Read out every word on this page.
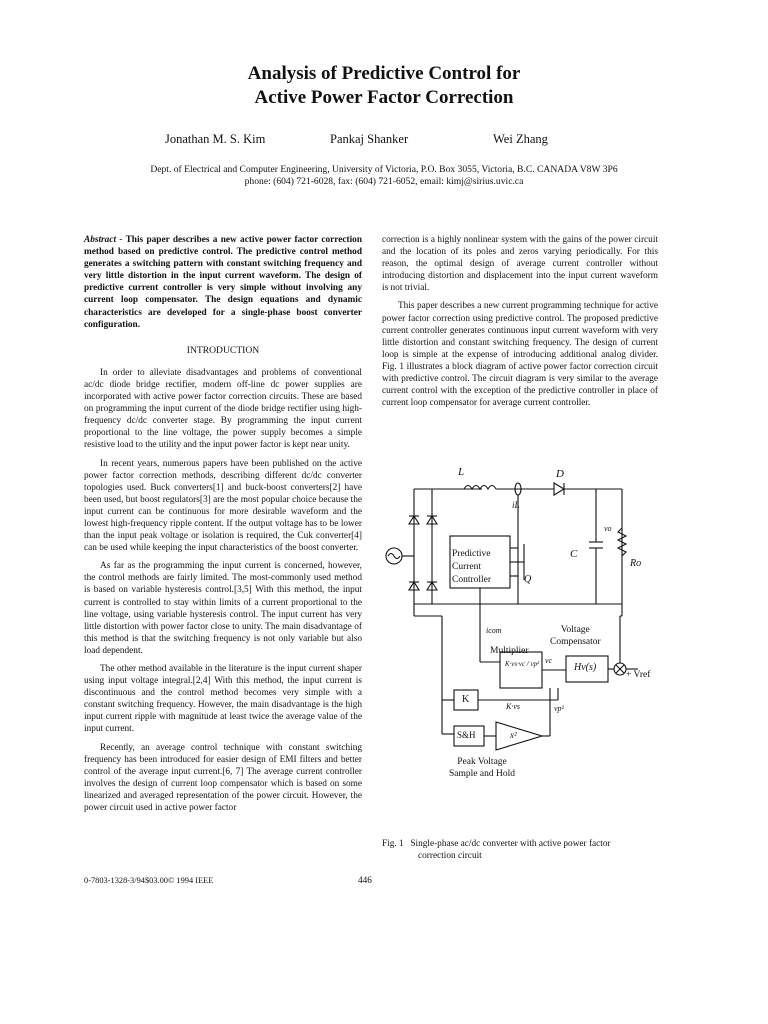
Analysis of Predictive Control for
Active Power Factor Correction
Jonathan M. S. Kim	Pankaj Shanker	Wei Zhang
Dept. of Electrical and Computer Engineering, University of Victoria, P.O. Box 3055, Victoria, B.C. CANADA V8W 3P6
phone: (604) 721-6028, fax: (604) 721-6052, email: kimj@sirius.uvic.ca

Abstract - This paper describes a new active power factor correction method based on predictive control. The predictive control method generates a switching pattern with constant switching frequency and very little distortion in the input current waveform. The design of predictive current controller is very simple without involving any current loop compensator. The design equations and dynamic characteristics are developed for a single-phase boost converter configuration.

INTRODUCTION

In order to alleviate disadvantages and problems of conventional ac/dc diode bridge rectifier, modern off-line dc power supplies are incorporated with active power factor correction circuits. These are based on programming the input current of the diode bridge rectifier using high-frequency dc/dc converter stage. By programming the input current proportional to the line voltage, the power supply becomes a simple resistive load to the utility and the input power factor is kept near unity.

In recent years, numerous papers have been published on the active power factor correction methods, describing different dc/dc converter topologies used. Buck converters[1] and buck-boost converters[2] have been used, but boost regulators[3] are the most popular choice because the input current can be continuous for more desirable waveform and the lowest high-frequency ripple content. If the output voltage has to be lower than the input peak voltage or isolation is required, the Cuk converter[4] can be used while keeping the input characteristics of the boost converter.

As far as the programming the input current is concerned, however, the control methods are fairly limited. The most-commonly used method is based on variable hysteresis control.[3,5] With this method, the input current is controlled to stay within limits of a current proportional to the line voltage, using variable hysteresis control. The input current has very little distortion with power factor close to unity. The main disadvantage of this method is that the switching frequency is not only variable but also load dependent.

The other method available in the literature is the input current shaper using input voltage integral.[2,4] With this method, the input current is discontinuous and the control method becomes very simple with a constant switching frequency. However, the main disadvantage is the high input current ripple with magnitude at least twice the average value of the input current.

Recently, an average control technique with constant switching frequency has been introduced for easier design of EMI filters and better control of the average input current.[6, 7] The average current controller involves the design of current loop compensator which is based on some linearized and averaged representation of the power circuit. However, the power circuit used in active power factor

correction is a highly nonlinear system with the gains of the power circuit and the location of its poles and zeros varying periodically. For this reason, the optimal design of average current controller without introducing distortion and displacement into the input current waveform is not trivial.

This paper describes a new current programming technique for active power factor correction using predictive control. The proposed predictive current controller generates continuous input current waveform with very little distortion and constant switching frequency. The design of current loop is simple at the expense of introducing additional analog divider. Fig. 1 illustrates a block diagram of active power factor correction circuit with predictive control. The circuit diagram is very similar to the average current control with the exception of the predictive controller in place of current loop compensator for average current controller.

L	D
iL
C
Ro
vo
Predictive
Current
Controller	Q
icom	Voltage
Compensator
Multiplier
vc
Hv(s)
+ Vref
K·vs·vc / vp²
K
K·vs
S&H	x²
vp²
Peak Voltage
Sample and Hold
Fig. 1 Single-phase ac/dc converter with active power factor
correction circuit
0-7803-1328-3/94$03.00© 1994 IEEE	446
